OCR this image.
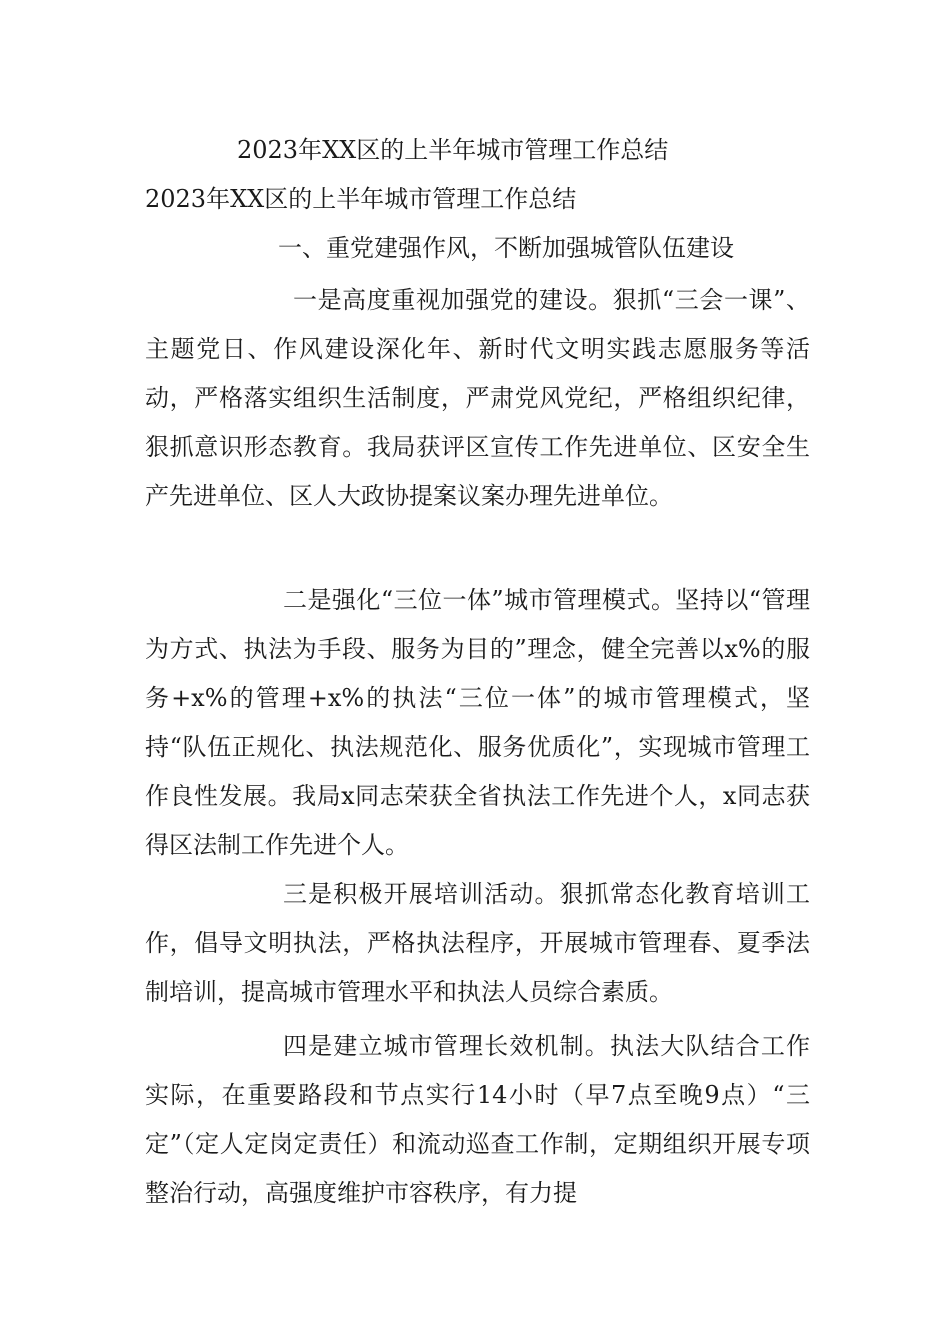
2023年XX区的上半年城市管理工作总结
2023年XX区的上半年城市管理工作总结
一、重党建强作风，不断加强城管队伍建设

一是高度重视加强党的建设。狠抓“三会一课”、主题党日、作风建设深化年、新时代文明实践志愿服务等活动，严格落实组织生活制度，严肃党风党纪，严格组织纪律，狠抓意识形态教育。我局获评区宣传工作先进单位、区安全生产先进单位、区人大政协提案议案办理先进单位。

二是强化“三位一体”城市管理模式。坚持以“管理为方式、执法为手段、服务为目的”理念，健全完善以x%的服务+x%的管理+x%的执法“三位一体”的城市管理模式，坚持“队伍正规化、执法规范化、服务优质化”，实现城市管理工作良性发展。我局x同志荣获全省执法工作先进个人，x同志获得区法制工作先进个人。

三是积极开展培训活动。狠抓常态化教育培训工作，倡导文明执法，严格执法程序，开展城市管理春、夏季法制培训，提高城市管理水平和执法人员综合素质。

四是建立城市管理长效机制。执法大队结合工作实际，在重要路段和节点实行14小时（早7点至晚9点）“三定”（定人定岗定责任）和流动巡查工作制，定期组织开展专项整治行动，高强度维护市容秩序，有力提
